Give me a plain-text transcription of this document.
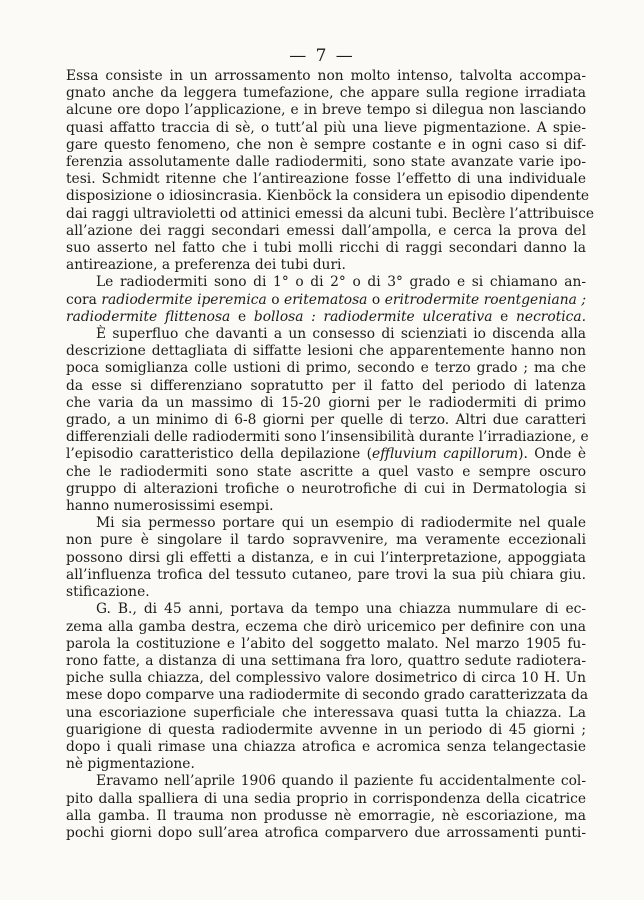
— 7 —
Essa consiste in un arrossamento non molto intenso, talvolta accompa-
gnato anche da leggera tumefazione, che appare sulla regione irradiata
alcune ore dopo l’applicazione, e in breve tempo si dilegua non lasciando
quasi affatto traccia di sè, o tutt’al più una lieve pigmentazione. A spie-
gare questo fenomeno, che non è sempre costante e in ogni caso si dif-
ferenzia assolutamente dalle radiodermiti, sono state avanzate varie ipo-
tesi. Schmidt ritenne che l’antireazione fosse l’effetto di una individuale
disposizione o idiosincrasia. Kienböck la considera un episodio dipendente
dai raggi ultravioletti od attinici emessi da alcuni tubi. Beclère l’attribuisce
all’azione dei raggi secondari emessi dall’ampolla, e cerca la prova del
suo asserto nel fatto che i tubi molli ricchi di raggi secondari danno la
antireazione, a preferenza dei tubi duri.
Le radiodermiti sono di 1° o di 2° o di 3° grado e si chiamano an-
cora radiodermite iperemica o eritematosa o eritrodermite roentgeniana ;
radiodermite flittenosa e bollosa : radiodermite ulcerativa e necrotica.
È superfluo che davanti a un consesso di scienziati io discenda alla
descrizione dettagliata di siffatte lesioni che apparentemente hanno non
poca somiglianza colle ustioni di primo, secondo e terzo grado ; ma che
da esse si differenziano sopratutto per il fatto del periodo di latenza
che varia da un massimo di 15-20 giorni per le radiodermiti di primo
grado, a un minimo di 6-8 giorni per quelle di terzo. Altri due caratteri
differenziali delle radiodermiti sono l’insensibilità durante l’irradiazione, e
l’episodio caratteristico della depilazione (effluvium capillorum). Onde è
che le radiodermiti sono state ascritte a quel vasto e sempre oscuro
gruppo di alterazioni trofiche o neurotrofiche di cui in Dermatologia si
hanno numerosissimi esempi.
Mi sia permesso portare qui un esempio di radiodermite nel quale
non pure è singolare il tardo sopravvenire, ma veramente eccezionali
possono dirsi gli effetti a distanza, e in cui l’interpretazione, appoggiata
all’influenza trofica del tessuto cutaneo, pare trovi la sua più chiara giu.
stificazione.
G. B., di 45 anni, portava da tempo una chiazza nummulare di ec-
zema alla gamba destra, eczema che dirò uricemico per definire con una
parola la costituzione e l’abito del soggetto malato. Nel marzo 1905 fu-
rono fatte, a distanza di una settimana fra loro, quattro sedute radiotera-
piche sulla chiazza, del complessivo valore dosimetrico di circa 10 H. Un
mese dopo comparve una radiodermite di secondo grado caratterizzata da
una escoriazione superficiale che interessava quasi tutta la chiazza. La
guarigione di questa radiodermite avvenne in un periodo di 45 giorni ;
dopo i quali rimase una chiazza atrofica e acromica senza telangectasie
nè pigmentazione.
Eravamo nell’aprile 1906 quando il paziente fu accidentalmente col-
pito dalla spalliera di una sedia proprio in corrispondenza della cicatrice
alla gamba. Il trauma non produsse nè emorragie, nè escoriazione, ma
pochi giorni dopo sull’area atrofica comparvero due arrossamenti punti-
